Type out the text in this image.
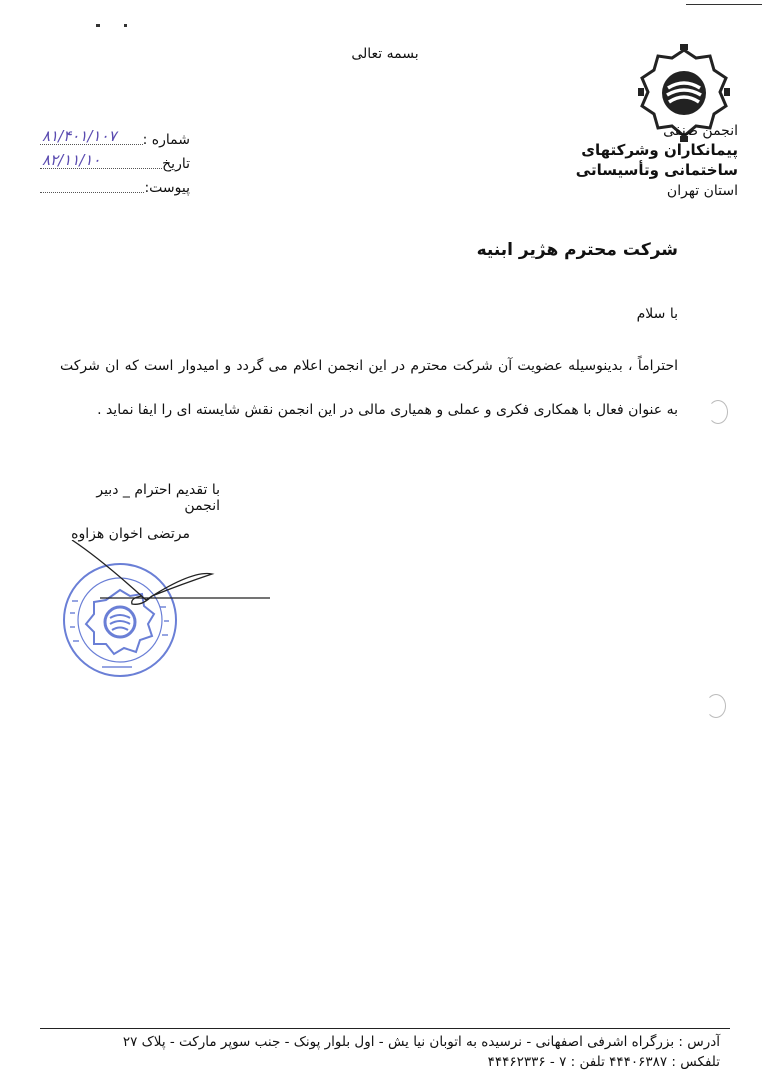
بسمه تعالی
انجمن صنفی
پیمانکاران وشرکتهای
ساختمانی وتأسیساتی
استان تهران
شماره :
۸۱/۴۰۱/۱۰۷
تاریخ
۸۲/۱۱/۱۰
پیوست:
شرکت محترم هژیر ابنیه
با سلام
احتراماً ، بدینوسیله عضویت آن شرکت محترم در این انجمن اعلام می گردد و امیدوار است که ان شرکت به عنوان فعال با همکاری فکری و عملی و همیاری مالی در این انجمن نقش شایسته ای را ایفا نماید .
با تقدیم احترام _ دبیر انجمن
مرتضی اخوان هزاوه
آدرس : بزرگراه اشرفی اصفهانی - نرسیده به اتوبان نیا یش - اول بلوار پونک - جنب سوپر مارکت - پلاک ۲۷
تلفکس : ۴۴۴۰۶۳۸۷ تلفن : ۷ - ۴۴۴۶۲۳۳۶
